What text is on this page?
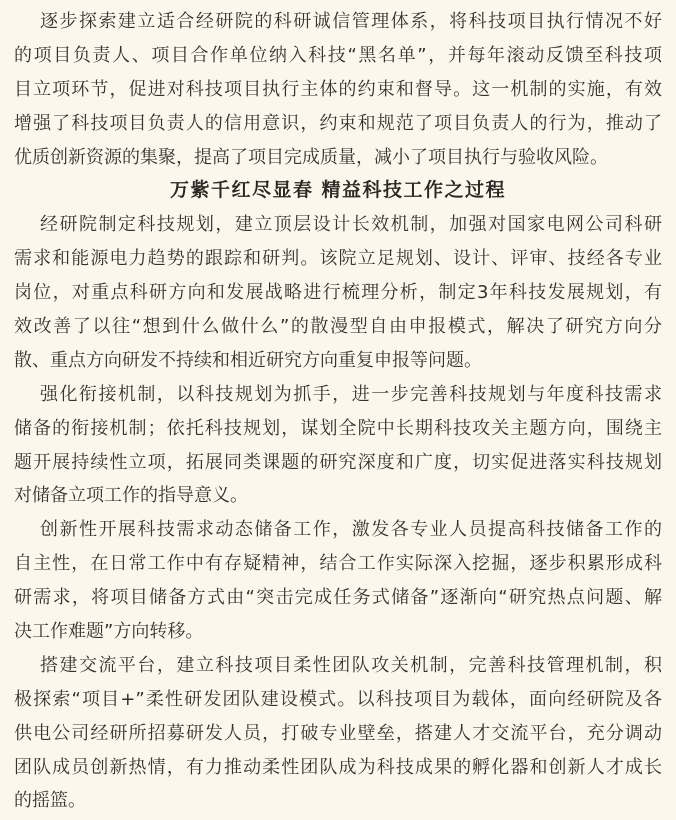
逐步探索建立适合经研院的科研诚信管理体系，将科技项目执行情况不好
的项目负责人、项目合作单位纳入科技“黑名单”，并每年滚动反馈至科技项
目立项环节，促进对科技项目执行主体的约束和督导。这一机制的实施，有效
增强了科技项目负责人的信用意识，约束和规范了项目负责人的行为，推动了
优质创新资源的集聚，提高了项目完成质量，减小了项目执行与验收风险。
万紫千红尽显春 精益科技工作之过程
经研院制定科技规划，建立顶层设计长效机制，加强对国家电网公司科研
需求和能源电力趋势的跟踪和研判。该院立足规划、设计、评审、技经各专业
岗位，对重点科研方向和发展战略进行梳理分析，制定3年科技发展规划，有
效改善了以往“想到什么做什么”的散漫型自由申报模式，解决了研究方向分
散、重点方向研发不持续和相近研究方向重复申报等问题。
强化衔接机制，以科技规划为抓手，进一步完善科技规划与年度科技需求
储备的衔接机制；依托科技规划，谋划全院中长期科技攻关主题方向，围绕主
题开展持续性立项，拓展同类课题的研究深度和广度，切实促进落实科技规划
对储备立项工作的指导意义。
创新性开展科技需求动态储备工作，激发各专业人员提高科技储备工作的
自主性，在日常工作中有存疑精神，结合工作实际深入挖掘，逐步积累形成科
研需求，将项目储备方式由“突击完成任务式储备”逐渐向“研究热点问题、解
决工作难题”方向转移。
搭建交流平台，建立科技项目柔性团队攻关机制，完善科技管理机制，积
极探索“项目+”柔性研发团队建设模式。以科技项目为载体，面向经研院及各
供电公司经研所招募研发人员，打破专业壁垒，搭建人才交流平台，充分调动
团队成员创新热情，有力推动柔性团队成为科技成果的孵化器和创新人才成长
的摇篮。
